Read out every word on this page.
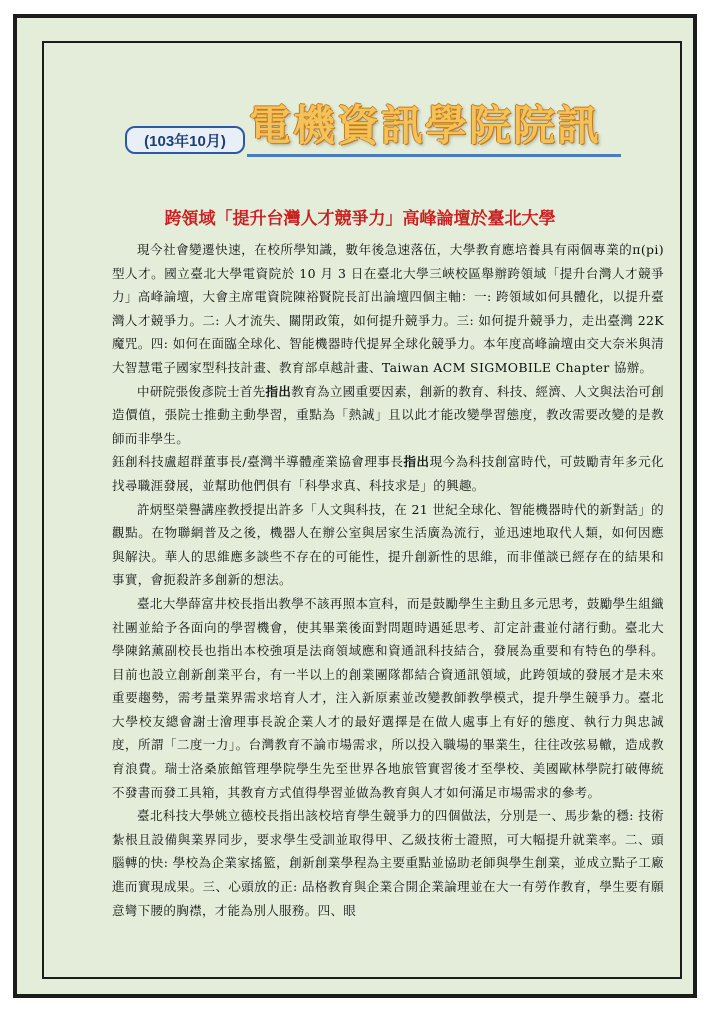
(103年10月) 電機資訊學院院訊
跨領域「提升台灣人才競爭力」高峰論壇於臺北大學

現今社會變遷快速，在校所學知識，數年後急速落伍，大學教育應培養具有兩個專業的π(pi)型人才。國立臺北大學電資院於 10 月 3 日在臺北大學三峽校區舉辦跨領域「提升台灣人才競爭力」高峰論壇，大會主席電資院陳裕賢院長訂出論壇四個主軸：一: 跨領域如何具體化，以提升臺灣人才競爭力。二: 人才流失、關閉政策，如何提升競爭力。三: 如何提升競爭力，走出臺灣 22K 魔咒。四: 如何在面臨全球化、智能機器時代提昇全球化競爭力。本年度高峰論壇由交大奈米與清大智慧電子國家型科技計畫、教育部卓越計畫、Taiwan ACM SIGMOBILE Chapter 協辦。

中研院張俊彥院士首先指出教育為立國重要因素，創新的教育、科技、經濟、人文與法治可創造價值，張院士推動主動學習，重點為「熱誠」且以此才能改變學習態度，教改需要改變的是教師而非學生。

鈺創科技盧超群董事長/臺灣半導體產業協會理事長指出現今為科技創富時代，可鼓勵青年多元化找尋職涯發展，並幫助他們俱有「科學求真、科技求是」的興趣。

許炳堅榮譽講座教授提出許多「人文與科技，在 21 世紀全球化、智能機器時代的新對話」的觀點。在物聯網普及之後，機器人在辦公室與居家生活廣為流行，並迅速地取代人類，如何因應與解決。華人的思維應多談些不存在的可能性，提升創新性的思維，而非僅談已經存在的結果和事實，會扼殺許多創新的想法。

臺北大學薛富井校長指出教學不該再照本宣科，而是鼓勵學生主動且多元思考，鼓勵學生組織社團並給予各面向的學習機會，使其畢業後面對問題時遇延思考、訂定計畫並付諸行動。臺北大學陳銘薰副校長也指出本校強項是法商領域應和資通訊科技結合，發展為重要和有特色的學科。目前也設立創新創業平台，有一半以上的創業團隊都結合資通訊領域，此跨領域的發展才是未來重要趨勢，需考量業界需求培育人才，注入新原素並改變教師教學模式，提升學生競爭力。臺北大學校友總會謝士澮理事長說企業人才的最好選擇是在做人處事上有好的態度、執行力與忠誠度，所謂「二度一力」。台灣教育不論市場需求，所以投入職場的畢業生，往往改弦易轍，造成教育浪費。瑞士洛桑旅館管理學院學生先至世界各地旅管實習後才至學校、美國歐林學院打破傳統不發書而發工具箱，其教育方式值得學習並做為教育與人才如何滿足市場需求的參考。

臺北科技大學姚立德校長指出該校培育學生競爭力的四個做法，分別是一、馬步紮的穩: 技術紮根且設備與業界同步，要求學生受訓並取得甲、乙級技術士證照，可大幅提升就業率。二、頭腦轉的快: 學校為企業家搖籃，創新創業學程為主要重點並協助老師與學生創業，並成立點子工廠進而實現成果。三、心頭放的正: 品格教育與企業合開企業論理並在大一有勞作教育，學生要有願意彎下腰的胸襟，才能為別人服務。四、眼
